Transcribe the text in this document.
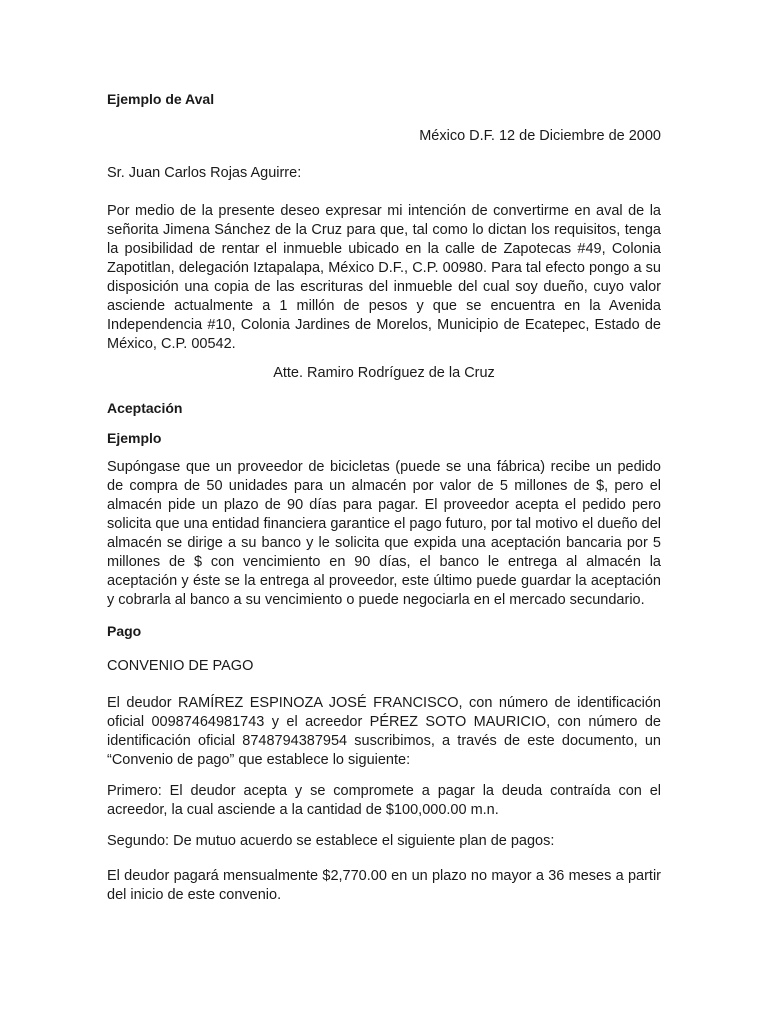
Ejemplo de Aval

México D.F. 12 de Diciembre de 2000

Sr. Juan Carlos Rojas Aguirre:

Por medio de la presente deseo expresar mi intención de convertirme en aval de la señorita Jimena Sánchez de la Cruz para que, tal como lo dictan los requisitos, tenga la posibilidad de rentar el inmueble ubicado en la calle de Zapotecas #49, Colonia Zapotitlan, delegación Iztapalapa, México D.F., C.P. 00980. Para tal efecto pongo a su disposición una copia de las escrituras del inmueble del cual soy dueño, cuyo valor asciende actualmente a 1 millón de pesos y que se encuentra en la Avenida Independencia #10, Colonia Jardines de Morelos, Municipio de Ecatepec, Estado de México, C.P. 00542.

Atte. Ramiro Rodríguez de la Cruz

Aceptación

Ejemplo

Supóngase que un proveedor de bicicletas (puede se una fábrica) recibe un pedido de compra de 50 unidades para un almacén por valor de 5 millones de $, pero el almacén pide un plazo de 90 días para pagar. El proveedor acepta el pedido pero solicita que una entidad financiera garantice el pago futuro, por tal motivo el dueño del almacén se dirige a su banco y le solicita que expida una aceptación bancaria por 5 millones de $ con vencimiento en 90 días, el banco le entrega al almacén la aceptación y éste se la entrega al proveedor, este último puede guardar la aceptación y cobrarla al banco a su vencimiento o puede negociarla en el mercado secundario.

Pago

CONVENIO DE PAGO

El deudor RAMÍREZ ESPINOZA JOSÉ FRANCISCO, con número de identificación oficial 00987464981743 y el acreedor PÉREZ SOTO MAURICIO, con número de identificación oficial 8748794387954 suscribimos, a través de este documento, un “Convenio de pago” que establece lo siguiente:

Primero: El deudor acepta y se compromete a pagar la deuda contraída con el acreedor, la cual asciende a la cantidad de $100,000.00 m.n.

Segundo: De mutuo acuerdo se establece el siguiente plan de pagos:

El deudor pagará mensualmente $2,770.00 en un plazo no mayor a 36 meses a partir del inicio de este convenio.
